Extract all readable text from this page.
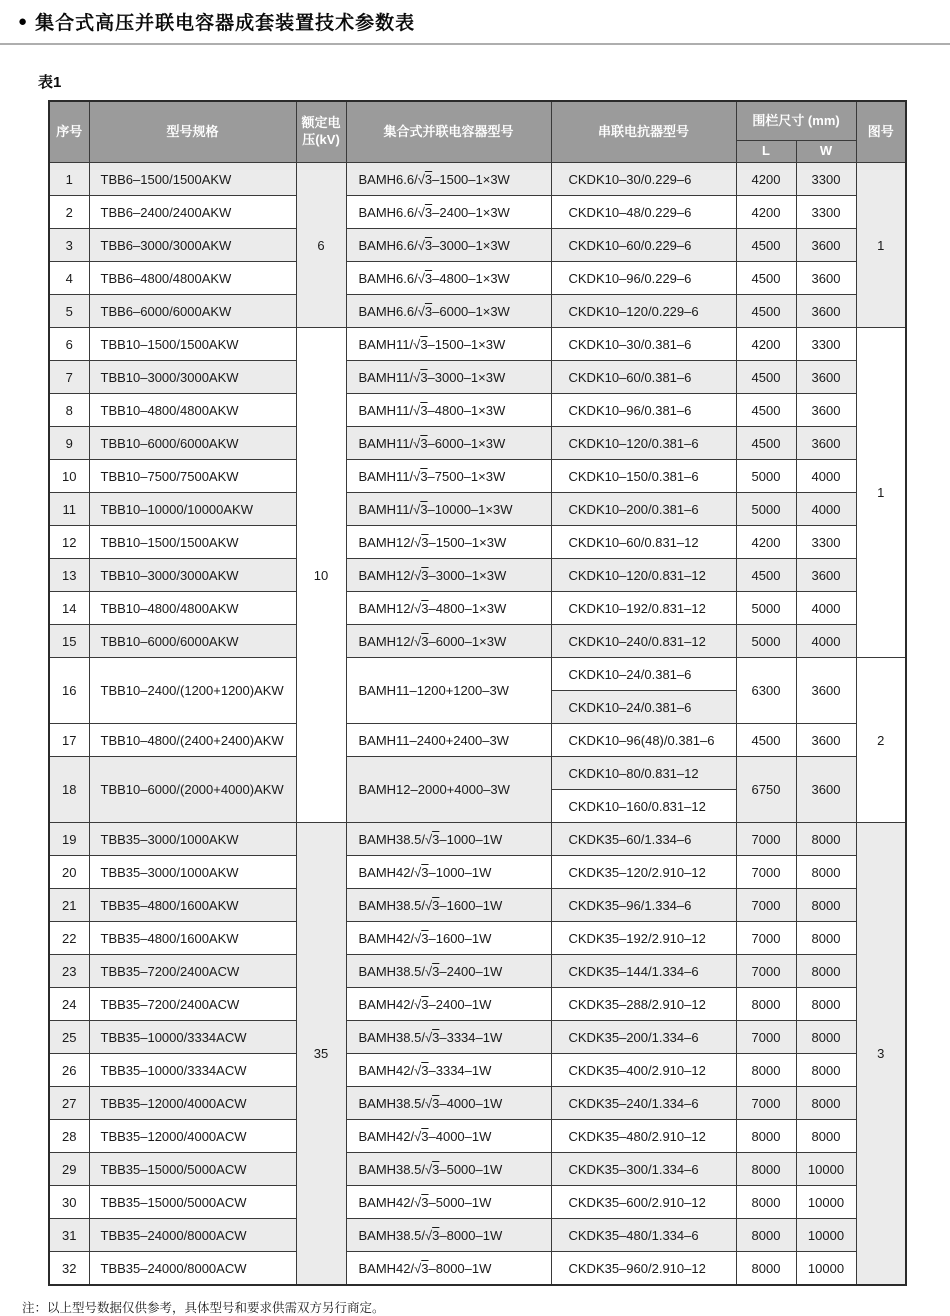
● 集合式高压并联电容器成套装置技术参数表
表1
序号	型号规格	额定电压(kV)	集合式并联电容器型号	串联电抗器型号	围栏尺寸 (mm)		图号
					L	W	
1	TBB6–1500/1500AKW	6	BAMH6.6/√3–1500–1×3W	CKDK10–30/0.229–6	4200	3300	1
2	TBB6–2400/2400AKW		BAMH6.6/√3–2400–1×3W	CKDK10–48/0.229–6	4200	3300	
3	TBB6–3000/3000AKW		BAMH6.6/√3–3000–1×3W	CKDK10–60/0.229–6	4500	3600	
4	TBB6–4800/4800AKW		BAMH6.6/√3–4800–1×3W	CKDK10–96/0.229–6	4500	3600	
5	TBB6–6000/6000AKW		BAMH6.6/√3–6000–1×3W	CKDK10–120/0.229–6	4500	3600	
6	TBB10–1500/1500AKW	10	BAMH11/√3–1500–1×3W	CKDK10–30/0.381–6	4200	3300	1
7	TBB10–3000/3000AKW		BAMH11/√3–3000–1×3W	CKDK10–60/0.381–6	4500	3600	
8	TBB10–4800/4800AKW		BAMH11/√3–4800–1×3W	CKDK10–96/0.381–6	4500	3600	
9	TBB10–6000/6000AKW		BAMH11/√3–6000–1×3W	CKDK10–120/0.381–6	4500	3600	
10	TBB10–7500/7500AKW		BAMH11/√3–7500–1×3W	CKDK10–150/0.381–6	5000	4000	
11	TBB10–10000/10000AKW		BAMH11/√3–10000–1×3W	CKDK10–200/0.381–6	5000	4000	
12	TBB10–1500/1500AKW		BAMH12/√3–1500–1×3W	CKDK10–60/0.831–12	4200	3300	
13	TBB10–3000/3000AKW		BAMH12/√3–3000–1×3W	CKDK10–120/0.831–12	4500	3600	
14	TBB10–4800/4800AKW		BAMH12/√3–4800–1×3W	CKDK10–192/0.831–12	5000	4000	
15	TBB10–6000/6000AKW		BAMH12/√3–6000–1×3W	CKDK10–240/0.831–12	5000	4000	
16	TBB10–2400/(1200+1200)AKW		BAMH11–1200+1200–3W	CKDK10–24/0.381–6	6300	3600	2
				CKDK10–24/0.381–6			
17	TBB10–4800/(2400+2400)AKW		BAMH11–2400+2400–3W	CKDK10–96(48)/0.381–6	4500	3600	
18	TBB10–6000/(2000+4000)AKW		BAMH12–2000+4000–3W	CKDK10–80/0.831–12	6750	3600	
				CKDK10–160/0.831–12			
19	TBB35–3000/1000AKW	35	BAMH38.5/√3–1000–1W	CKDK35–60/1.334–6	7000	8000	3
20	TBB35–3000/1000AKW		BAMH42/√3–1000–1W	CKDK35–120/2.910–12	7000	8000	
21	TBB35–4800/1600AKW		BAMH38.5/√3–1600–1W	CKDK35–96/1.334–6	7000	8000	
22	TBB35–4800/1600AKW		BAMH42/√3–1600–1W	CKDK35–192/2.910–12	7000	8000	
23	TBB35–7200/2400ACW		BAMH38.5/√3–2400–1W	CKDK35–144/1.334–6	7000	8000	
24	TBB35–7200/2400ACW		BAMH42/√3–2400–1W	CKDK35–288/2.910–12	8000	8000	
25	TBB35–10000/3334ACW		BAMH38.5/√3–3334–1W	CKDK35–200/1.334–6	7000	8000	
26	TBB35–10000/3334ACW		BAMH42/√3–3334–1W	CKDK35–400/2.910–12	8000	8000	
27	TBB35–12000/4000ACW		BAMH38.5/√3–4000–1W	CKDK35–240/1.334–6	7000	8000	
28	TBB35–12000/4000ACW		BAMH42/√3–4000–1W	CKDK35–480/2.910–12	8000	8000	
29	TBB35–15000/5000ACW		BAMH38.5/√3–5000–1W	CKDK35–300/1.334–6	8000	10000	
30	TBB35–15000/5000ACW		BAMH42/√3–5000–1W	CKDK35–600/2.910–12	8000	10000	
31	TBB35–24000/8000ACW		BAMH38.5/√3–8000–1W	CKDK35–480/1.334–6	8000	10000	
32	TBB35–24000/8000ACW		BAMH42/√3–8000–1W	CKDK35–960/2.910–12	8000	10000	
注：以上型号数据仅供参考，具体型号和要求供需双方另行商定。
